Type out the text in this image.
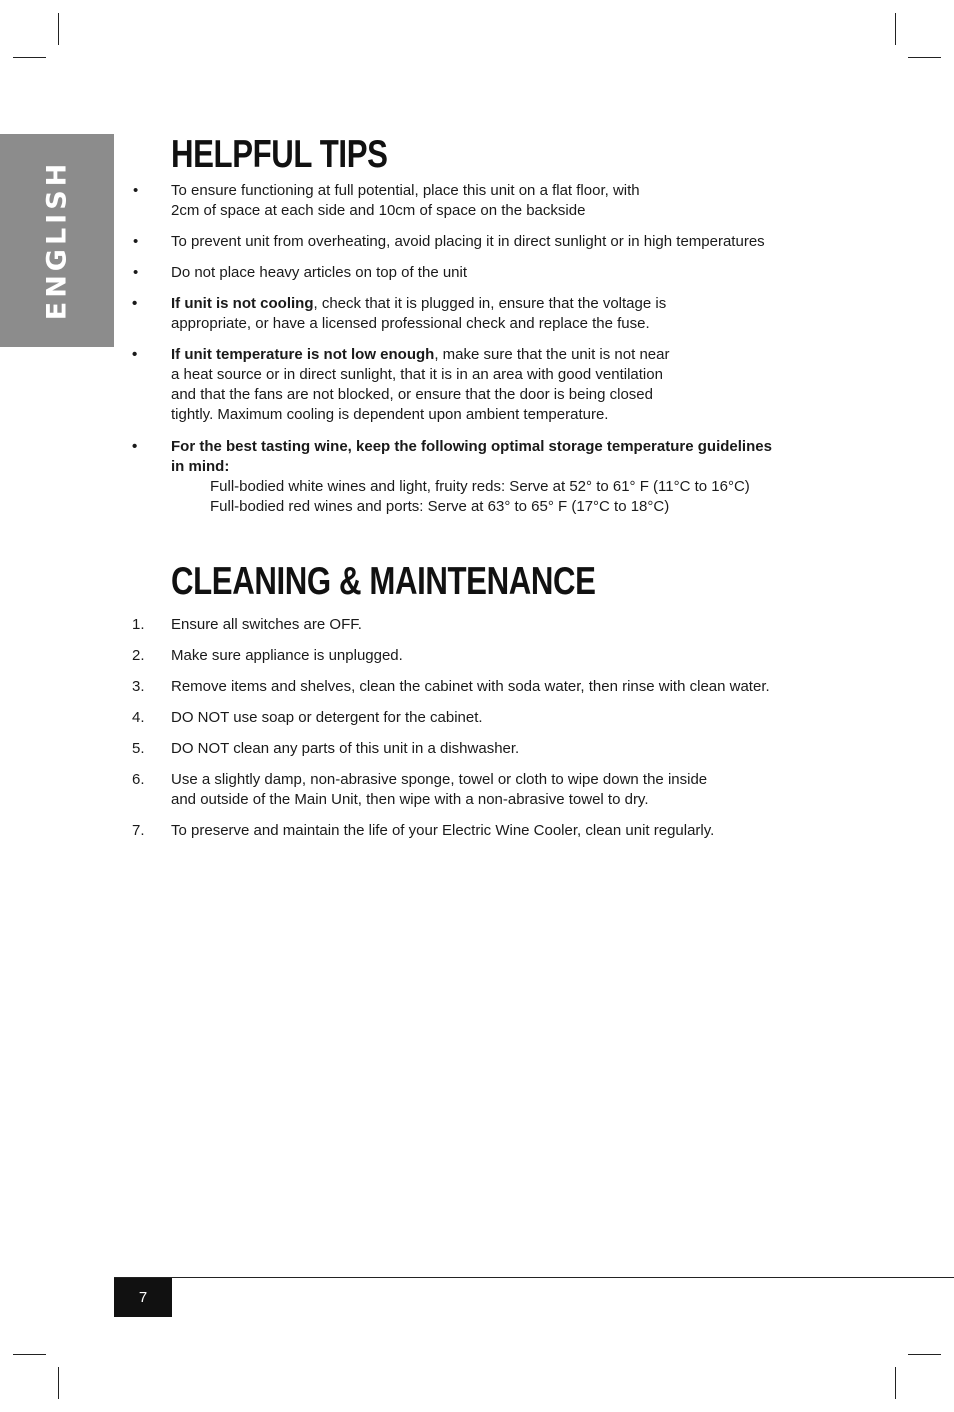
ENGLISH
HELPFUL TIPS
• To ensure functioning at full potential, place this unit on a flat floor, with
2cm of space at each side and 10cm of space on the backside
• To prevent unit from overheating, avoid placing it in direct sunlight or in high temperatures
• Do not place heavy articles on top of the unit
• If unit is not cooling, check that it is plugged in, ensure that the voltage is
appropriate, or have a licensed professional check and replace the fuse.
• If unit temperature is not low enough, make sure that the unit is not near
a heat source or in direct sunlight, that it is in an area with good ventilation
and that the fans are not blocked, or ensure that the door is being closed
tightly. Maximum cooling is dependent upon ambient temperature.
• For the best tasting wine, keep the following optimal storage temperature guidelines
in mind:
Full-bodied white wines and light, fruity reds: Serve at 52° to 61° F (11°C to 16°C)
Full-bodied red wines and ports: Serve at 63° to 65° F (17°C to 18°C)
CLEANING & MAINTENANCE
1. Ensure all switches are OFF.
2. Make sure appliance is unplugged.
3. Remove items and shelves, clean the cabinet with soda water, then rinse with clean water.
4. DO NOT use soap or detergent for the cabinet.
5. DO NOT clean any parts of this unit in a dishwasher.
6. Use a slightly damp, non-abrasive sponge, towel or cloth to wipe down the inside
and outside of the Main Unit, then wipe with a non-abrasive towel to dry.
7. To preserve and maintain the life of your Electric Wine Cooler, clean unit regularly.
7
